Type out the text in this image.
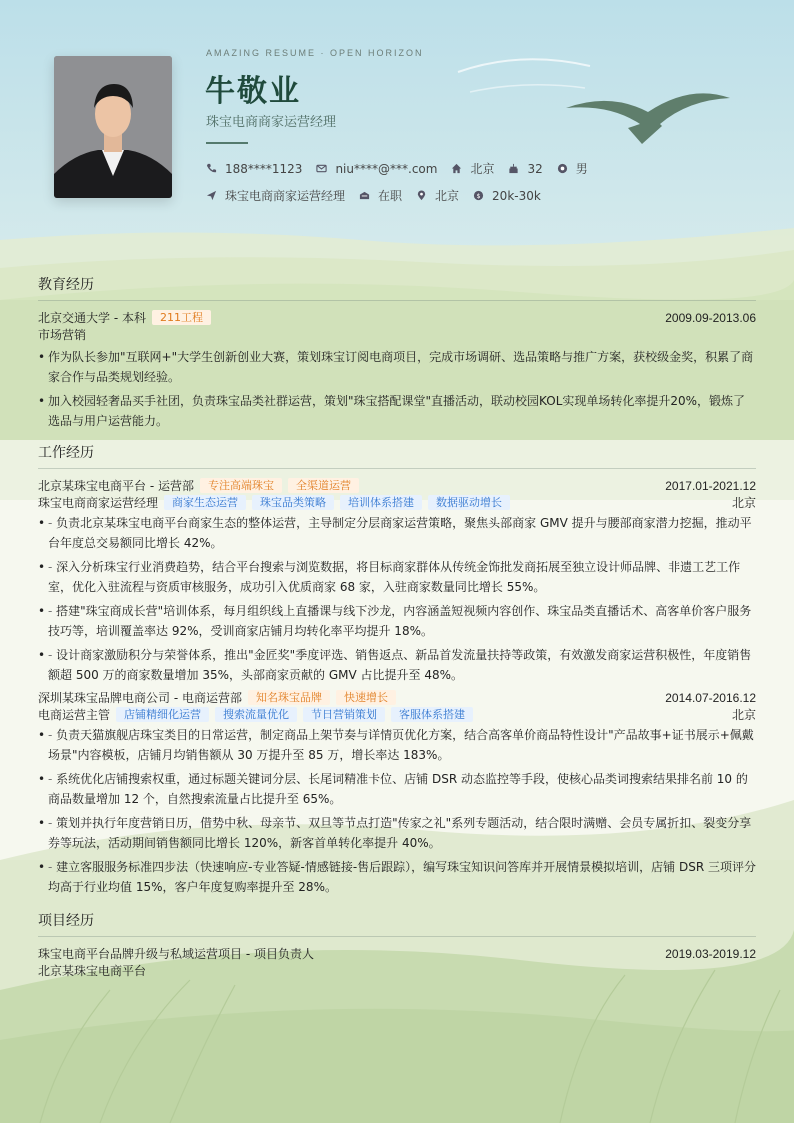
AMAZING RESUME · OPEN HORIZON
牛敬业
珠宝电商商家运营经理
188****1123	niu****@***.com	北京	32	男
珠宝电商商家运营经理	在职	北京 $ 20k-30k
教育经历
北京交通大学 - 本科	211工程	2009.09-2013.06
市场营销
• 作为队长参加"互联网+"大学生创新创业大赛，策划珠宝订阅电商项目，完成市场调研、选品策略与推广方案，获校级金奖，积累了商家合作与品类规划经验。
• 加入校园轻奢品买手社团，负责珠宝品类社群运营，策划"珠宝搭配课堂"直播活动，联动校园KOL实现单场转化率提升20%，锻炼了选品与用户运营能力。
工作经历
北京某珠宝电商平台 - 运营部	专注高端珠宝	全渠道运营	2017.01-2021.12
珠宝电商商家运营经理	商家生态运营	珠宝品类策略	培训体系搭建	数据驱动增长	北京
• - 负责北京某珠宝电商平台商家生态的整体运营，主导制定分层商家运营策略，聚焦头部商家 GMV 提升与腰部商家潜力挖掘，推动平台年度总交易额同比增长 42%。
• - 深入分析珠宝行业消费趋势，结合平台搜索与浏览数据，将目标商家群体从传统金饰批发商拓展至独立设计师品牌、非遗工艺工作室，优化入驻流程与资质审核服务，成功引入优质商家 68 家，入驻商家数量同比增长 55%。
• - 搭建"珠宝商成长营"培训体系，每月组织线上直播课与线下沙龙，内容涵盖短视频内容创作、珠宝品类直播话术、高客单价客户服务技巧等，培训覆盖率达 92%，受训商家店铺月均转化率平均提升 18%。
• - 设计商家激励积分与荣誉体系，推出"金匠奖"季度评选、销售返点、新品首发流量扶持等政策，有效激发商家运营积极性，年度销售额超 500 万的商家数量增加 35%，头部商家贡献的 GMV 占比提升至 48%。
深圳某珠宝品牌电商公司 - 电商运营部	知名珠宝品牌	快速增长	2014.07-2016.12
电商运营主管	店铺精细化运营	搜索流量优化	节日营销策划	客服体系搭建	北京
• - 负责天猫旗舰店珠宝类目的日常运营，制定商品上架节奏与详情页优化方案，结合高客单价商品特性设计"产品故事+证书展示+佩戴场景"内容模板，店铺月均销售额从 30 万提升至 85 万，增长率达 183%。
• - 系统优化店铺搜索权重，通过标题关键词分层、长尾词精准卡位、店铺 DSR 动态监控等手段，使核心品类词搜索结果排名前 10 的商品数量增加 12 个，自然搜索流量占比提升至 65%。
• - 策划并执行年度营销日历，借势中秋、母亲节、双旦等节点打造"传家之礼"系列专题活动，结合限时满赠、会员专属折扣、裂变分享券等玩法，活动期间销售额同比增长 120%，新客首单转化率提升 40%。
• - 建立客服服务标准四步法（快速响应-专业答疑-情感链接-售后跟踪），编写珠宝知识问答库并开展情景模拟培训，店铺 DSR 三项评分均高于行业均值 15%，客户年度复购率提升至 28%。
项目经历
珠宝电商平台品牌升级与私域运营项目 - 项目负责人	2019.03-2019.12
北京某珠宝电商平台
